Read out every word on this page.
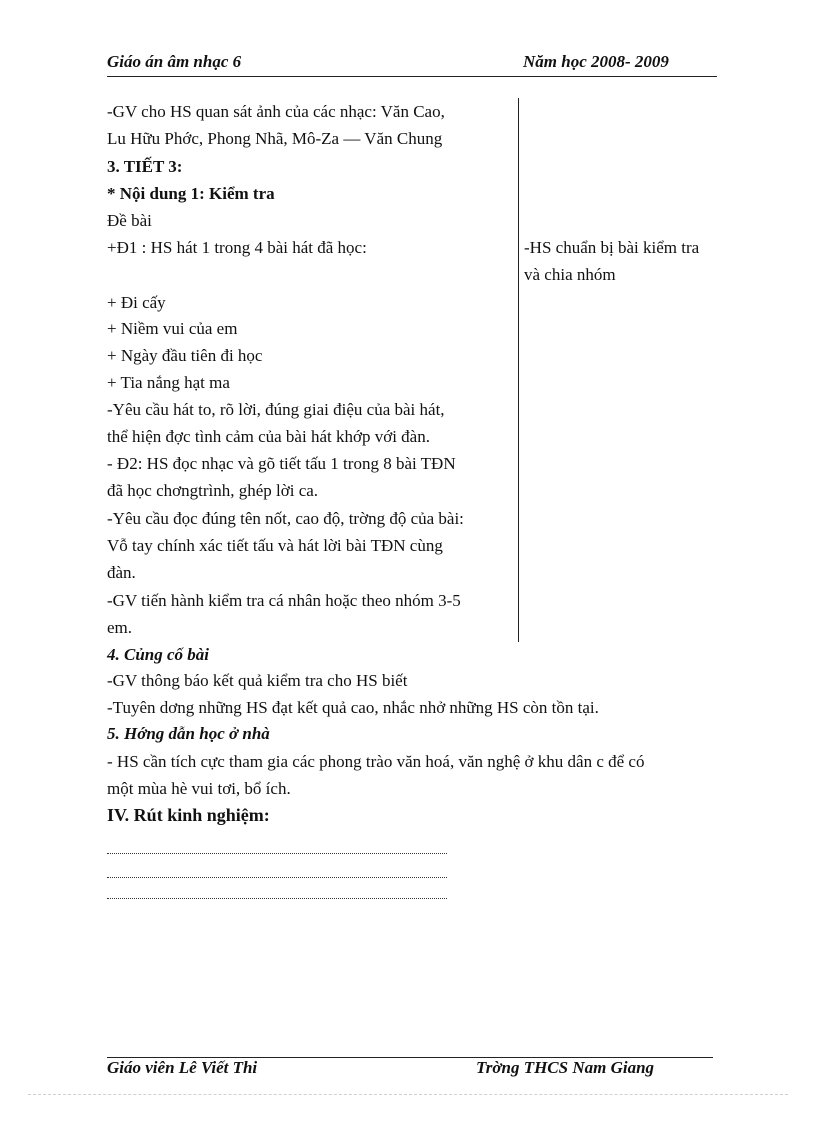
Giáo án âm nhạc 6	Năm học 2008- 2009
-GV cho HS quan sát ảnh của các nhạc: Văn Cao,
Lu Hữu Phớc, Phong Nhã, Mô-Za — Văn Chung
3. TIẾT 3:
* Nội dung 1: Kiểm tra
Đề bài
+Đ1 : HS hát 1 trong 4 bài hát đã học:
+ Đi cấy
+ Niềm vui của em
+ Ngày đầu tiên đi học
+ Tia nắng hạt ma
-Yêu cầu hát to, rõ lời, đúng giai điệu của bài hát,
thể hiện đợc tình cảm của bài hát khớp với đàn.
- Đ2: HS đọc nhạc và gõ tiết tấu 1 trong 8 bài TĐN
đã học chơngtrình, ghép lời ca.
-Yêu cầu đọc đúng tên nốt, cao độ, trờng độ của bài:
Vỗ tay chính xác tiết tấu và hát lời bài TĐN cùng
đàn.
-GV tiến hành kiểm tra cá nhân hoặc theo nhóm 3-5
em.
-HS chuẩn bị bài kiểm tra
và chia nhóm
4. Củng cố bài
-GV thông báo kết quả kiểm tra cho HS biết
-Tuyên dơng những HS đạt kết quả cao, nhắc nhở những HS còn tồn tại.
5. Hớng dẫn học ở nhà
- HS cần tích cực tham gia các phong trào văn hoá, văn nghệ ở khu dân c để có
một mùa hè vui tơi, bổ ích.
IV. Rút kinh nghiệm:
Giáo viên Lê Viết Thi	Trờng THCS Nam Giang
